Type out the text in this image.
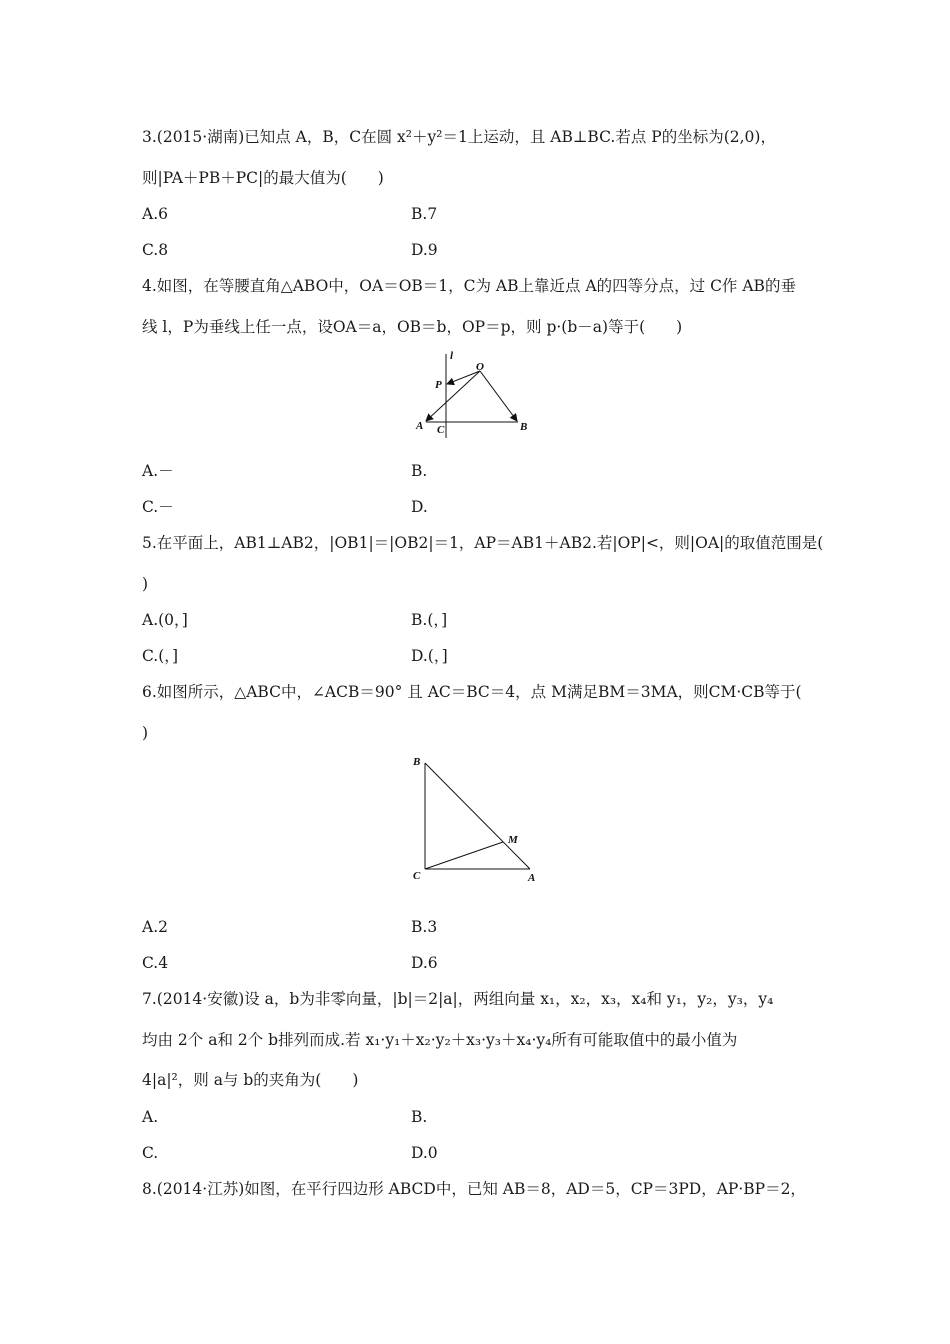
3.(2015·湖南)已知点 A，B，C在圆 x²＋y²＝1上运动，且 AB⊥BC.若点 P的坐标为(2,0)，
则|PA＋PB＋PC|的最大值为(　　)
A.6	B.7
C.8	D.9
4.如图，在等腰直角△ABO中，OA＝OB＝1，C为 AB上靠近点 A的四等分点，过 C作 AB的垂
线 l，P为垂线上任一点，设OA＝a，OB＝b，OP＝p，则 p·(b－a)等于(　　)
l
O
P
A C	B
A.－	B.
C.－	D.
5.在平面上，AB1⊥AB2，|OB1|＝|OB2|＝1，AP＝AB1＋AB2.若|OP|<，则|OA|的取值范围是(
)
A.(0，]	B.(，]
C.(，]	D.(，]
6.如图所示，△ABC中，∠ACB＝90° 且 AC＝BC＝4，点 M满足BM＝3MA，则CM·CB等于(
)
B
M
C	A
A.2	B.3
C.4	D.6
7.(2014·安徽)设 a，b为非零向量，|b|＝2|a|，两组向量 x₁，x₂，x₃，x₄和 y₁，y₂，y₃，y₄
均由 2个 a和 2个 b排列而成.若 x₁·y₁＋x₂·y₂＋x₃·y₃＋x₄·y₄所有可能取值中的最小值为
4|a|²，则 a与 b的夹角为(　　)
A.	B.
C.	D.0
8.(2014·江苏)如图，在平行四边形 ABCD中，已知 AB＝8，AD＝5，CP＝3PD，AP·BP＝2，
